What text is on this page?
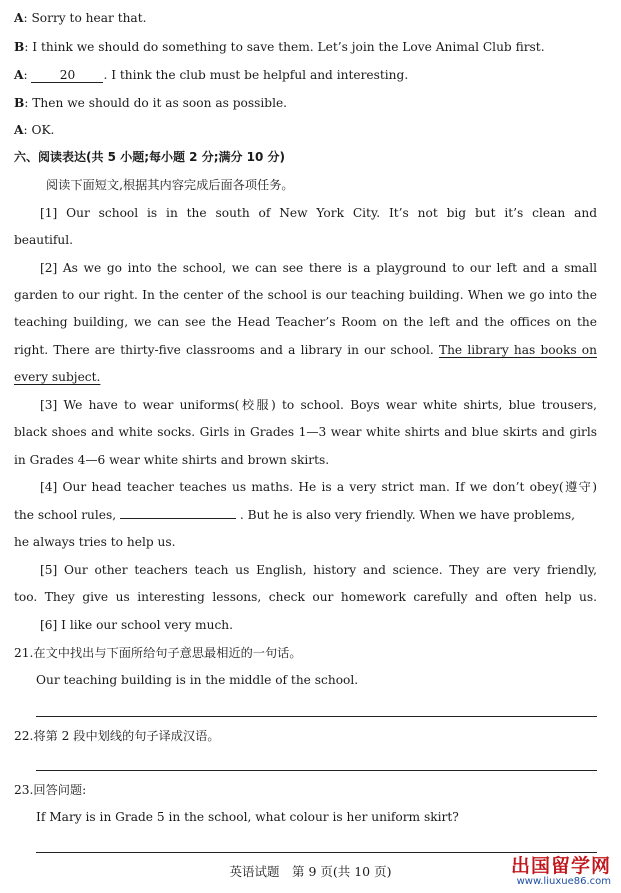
A: Sorry to hear that.
B: I think we should do something to save them. Let’s join the Love Animal Club first.
A: 20 . I think the club must be helpful and interesting.
B: Then we should do it as soon as possible.
A: OK.
六、阅读表达(共 5 小题;每小题 2 分;满分 10 分)
阅读下面短文,根据其内容完成后面各项任务。
[1] Our school is in the south of New York City. It’s not big but it’s clean and
beautiful.
[2] As we go into the school, we can see there is a playground to our left and a small
garden to our right. In the center of the school is our teaching building. When we go into the
teaching building, we can see the Head Teacher’s Room on the left and the offices on the
right. There are thirty-five classrooms and a library in our school. The library has books on
every subject.
[3] We have to wear uniforms(校服) to school. Boys wear white shirts, blue trousers,
black shoes and white socks. Girls in Grades 1—3 wear white shirts and blue skirts and girls
in Grades 4—6 wear white shirts and brown skirts.
[4] Our head teacher teaches us maths. He is a very strict man. If we don’t obey(遵守)
the school rules,	. But he is also very friendly. When we have problems,
he always tries to help us.
[5] Our other teachers teach us English, history and science. They are very friendly,
too. They give us interesting lessons, check our homework carefully and often help us.
[6] I like our school very much.
21.在文中找出与下面所给句子意思最相近的一句话。
Our teaching building is in the middle of the school.
22.将第 2 段中划线的句子译成汉语。
23.回答问题:
If Mary is in Grade 5 in the school, what colour is her uniform skirt?
英语试题　第 9 页(共 10 页)	出国留学网
www.liuxue86.com
